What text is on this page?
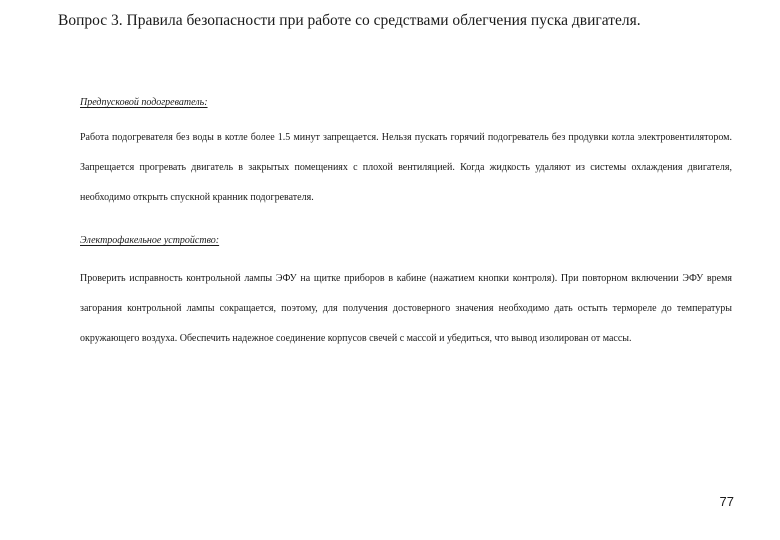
Вопрос 3. Правила безопасности при работе со средствами облегчения пуска двигателя.
Предпусковой подогреватель:

Работа подогревателя без воды в котле более 1.5 минут запрещается. Нельзя пускать горячий подогреватель без продувки котла электровентилятором. Запрещается прогревать двигатель в закрытых помещениях с плохой вентиляцией. Когда жидкость удаляют из системы охлаждения двигателя, необходимо открыть спускной кранник подогревателя.

Электрофакельное устройство:

Проверить исправность контрольной лампы ЭФУ на щитке приборов в кабине (нажатием кнопки контроля). При повторном включении ЭФУ время загорания контрольной лампы сокращается, поэтому, для получения достоверного значения необходимо дать остыть терморелe до температуры окружающего воздуха. Обеспечить надежное соединение корпусов свечей с массой и убедиться, что вывод изолирован от массы.

77
